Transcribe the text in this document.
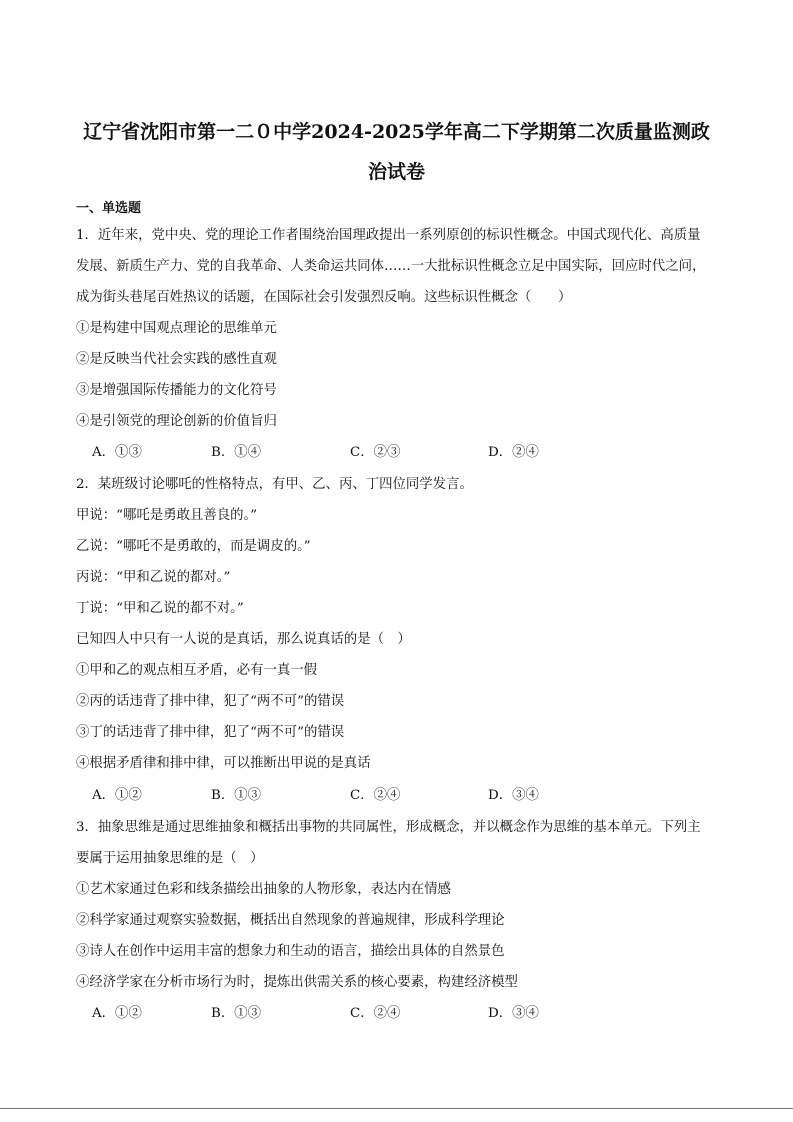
辽宁省沈阳市第一二０中学2024-2025学年高二下学期第二次质量监测政
治试卷
一、单选题
1．近年来，党中央、党的理论工作者围绕治国理政提出一系列原创的标识性概念。中国式现代化、高质量
发展、新质生产力、党的自我革命、人类命运共同体……一大批标识性概念立足中国实际，回应时代之问，
成为街头巷尾百姓热议的话题，在国际社会引发强烈反响。这些标识性概念（　　）
①是构建中国观点理论的思维单元
②是反映当代社会实践的感性直观
③是增强国际传播能力的文化符号
④是引领党的理论创新的价值旨归
A．①③	B．①④	C．②③	D．②④
2．某班级讨论哪吒的性格特点，有甲、乙、丙、丁四位同学发言。
甲说：“哪吒是勇敢且善良的。”
乙说：“哪吒不是勇敢的，而是调皮的。”
丙说：“甲和乙说的都对。”
丁说：“甲和乙说的都不对。”
已知四人中只有一人说的是真话，那么说真话的是（　）
①甲和乙的观点相互矛盾，必有一真一假
②丙的话违背了排中律，犯了“两不可”的错误
③丁的话违背了排中律，犯了“两不可”的错误
④根据矛盾律和排中律，可以推断出甲说的是真话
A．①②	B．①③	C．②④	D．③④
3．抽象思维是通过思维抽象和概括出事物的共同属性，形成概念，并以概念作为思维的基本单元。下列主
要属于运用抽象思维的是（　）
①艺术家通过色彩和线条描绘出抽象的人物形象，表达内在情感
②科学家通过观察实验数据，概括出自然现象的普遍规律，形成科学理论
③诗人在创作中运用丰富的想象力和生动的语言，描绘出具体的自然景色
④经济学家在分析市场行为时，提炼出供需关系的核心要素，构建经济模型
A．①②	B．①③	C．②④	D．③④
